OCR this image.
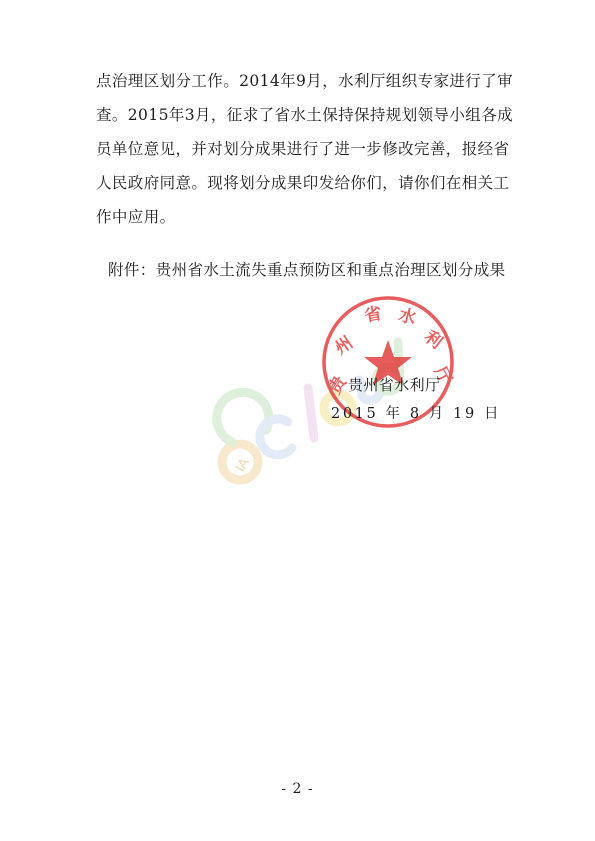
点治理区划分工作。2014年9月，水利厅组织专家进行了审
查。2015年3月，征求了省水土保持保持规划领导小组各成
员单位意见，并对划分成果进行了进一步修改完善，报经省
人民政府同意。现将划分成果印发给你们，请你们在相关工
作中应用。
附件：贵州省水土流失重点预防区和重点治理区划分成果
IA
贵
州
省 水
利
厅
贵州省水利厅
2015 年 8 月 19 日
- 2 -
